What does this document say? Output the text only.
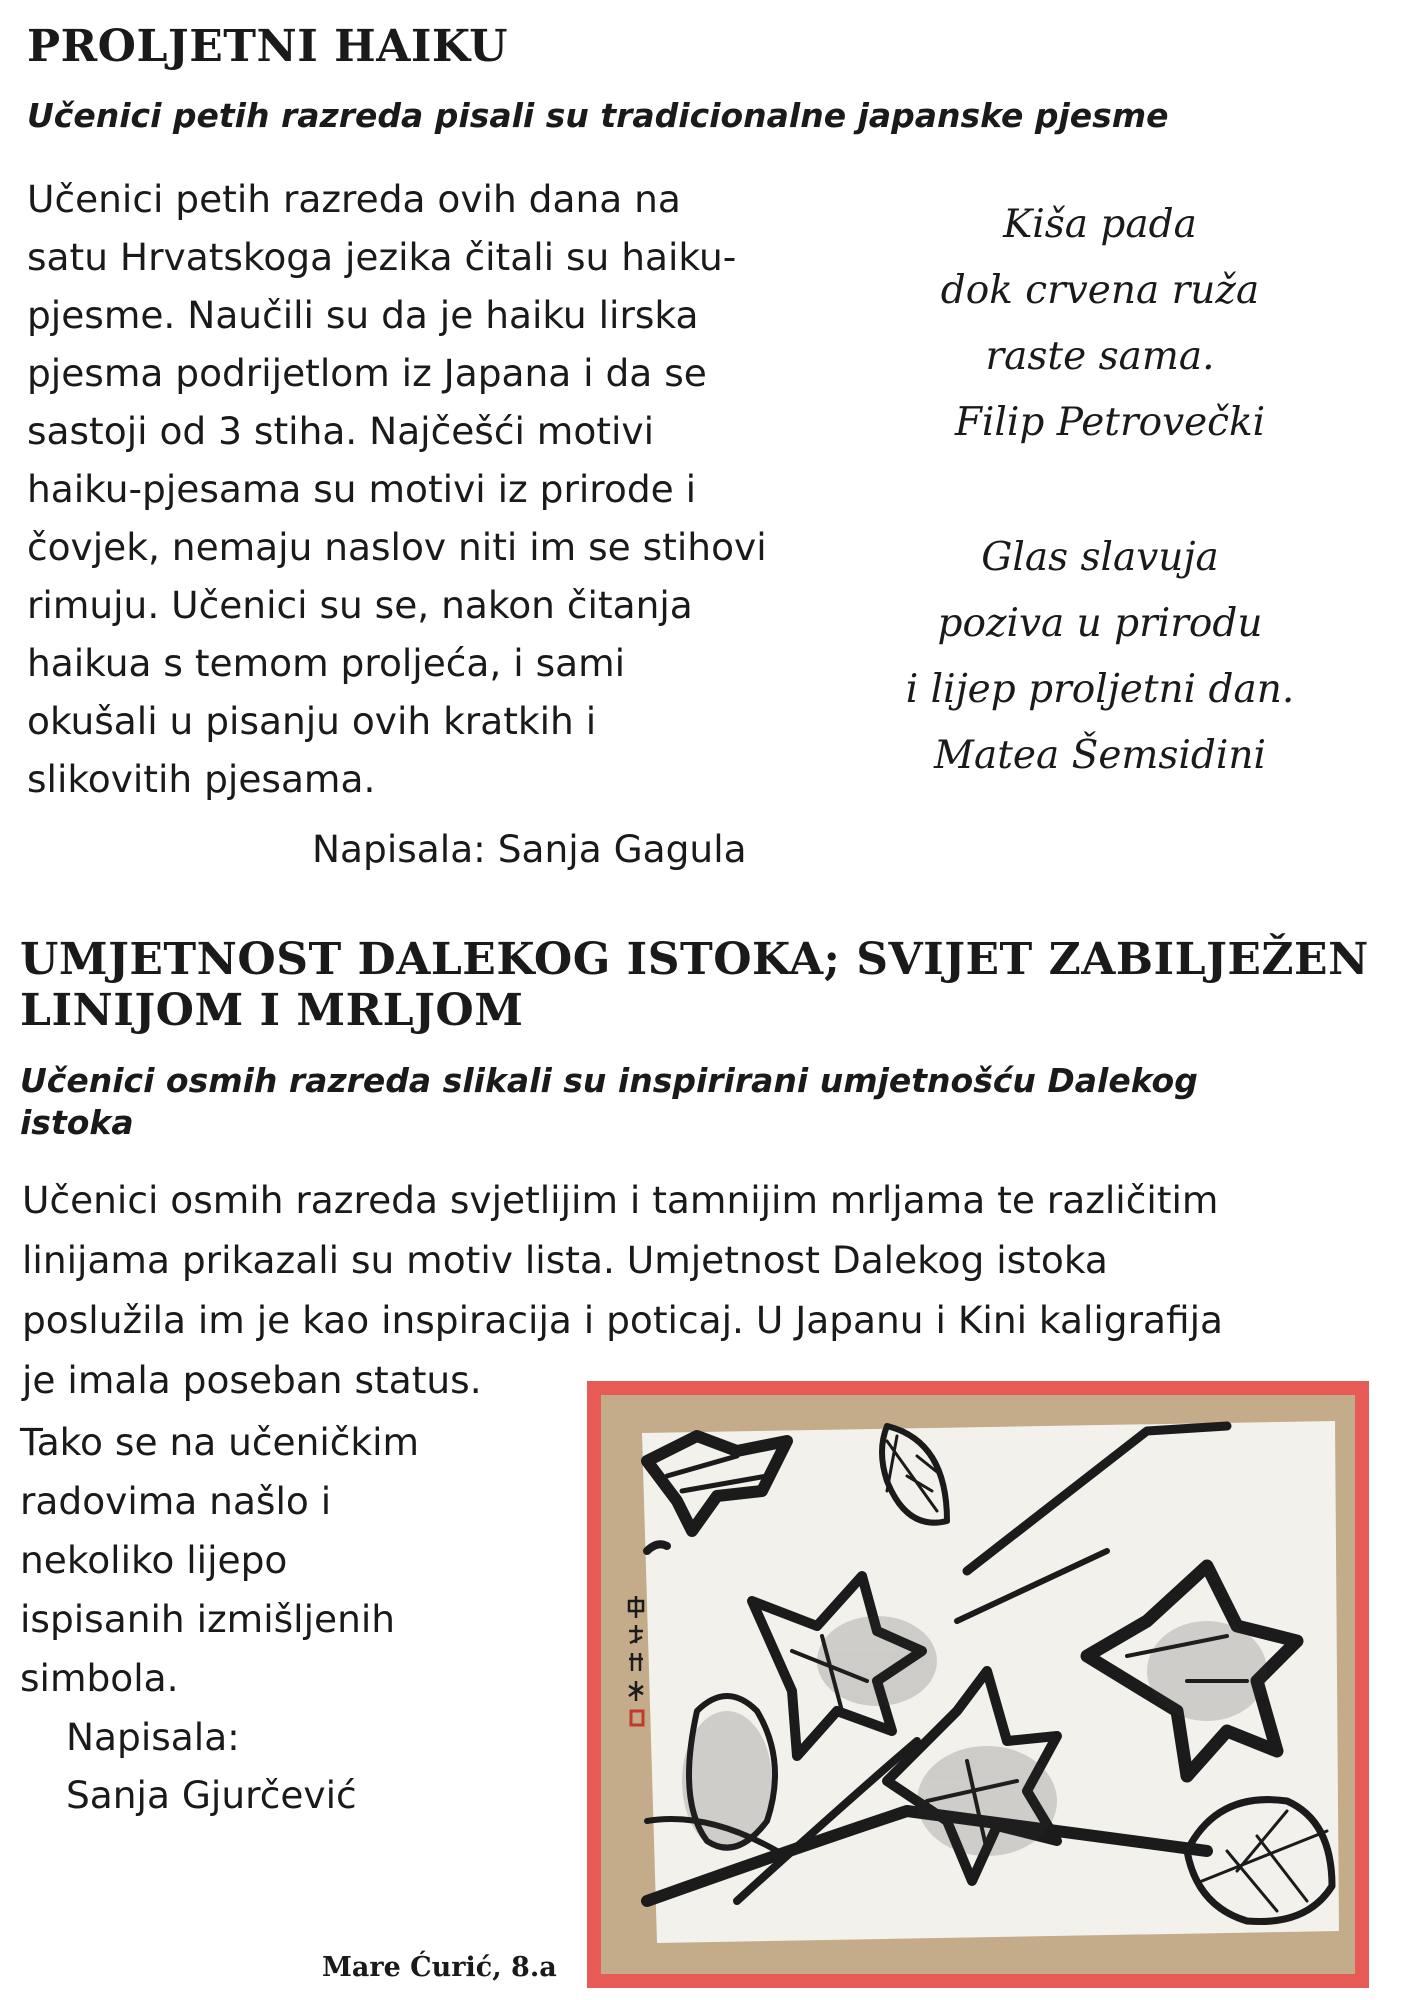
PROLJETNI HAIKU
Učenici petih razreda pisali su tradicionalne japanske pjesme
Učenici petih razreda ovih dana na
satu Hrvatskoga jezika čitali su haiku-
pjesme. Naučili su da je haiku lirska
pjesma podrijetlom iz Japana i da se
sastoji od 3 stiha. Najčešći motivi
haiku-pjesama su motivi iz prirode i
čovjek, nemaju naslov niti im se stihovi
rimuju. Učenici su se, nakon čitanja
haikua s temom proljeća, i sami
okušali u pisanju ovih kratkih i
slikovitih pjesama.
Napisala: Sanja Gagula
Kiša pada
dok crvena ruža
raste sama.
Filip Petrovečki
Glas slavuja
poziva u prirodu
i lijep proljetni dan.
Matea Šemsidini
UMJETNOST DALEKOG ISTOKA; SVIJET ZABILJEŽEN
LINIJOM I MRLJOM
Učenici osmih razreda slikali su inspirirani umjetnošću Dalekog
istoka
Učenici osmih razreda svjetlijim i tamnijim mrljama te različitim
linijama prikazali su motiv lista. Umjetnost Dalekog istoka
poslužila im je kao inspiracija i poticaj. U Japanu i Kini kaligrafija
je imala poseban status.
Tako se na učeničkim
radovima našlo i
nekoliko lijepo
ispisanih izmišljenih
simbola.
Napisala:
Sanja Gjurčević
Mare Ćurić, 8.a
